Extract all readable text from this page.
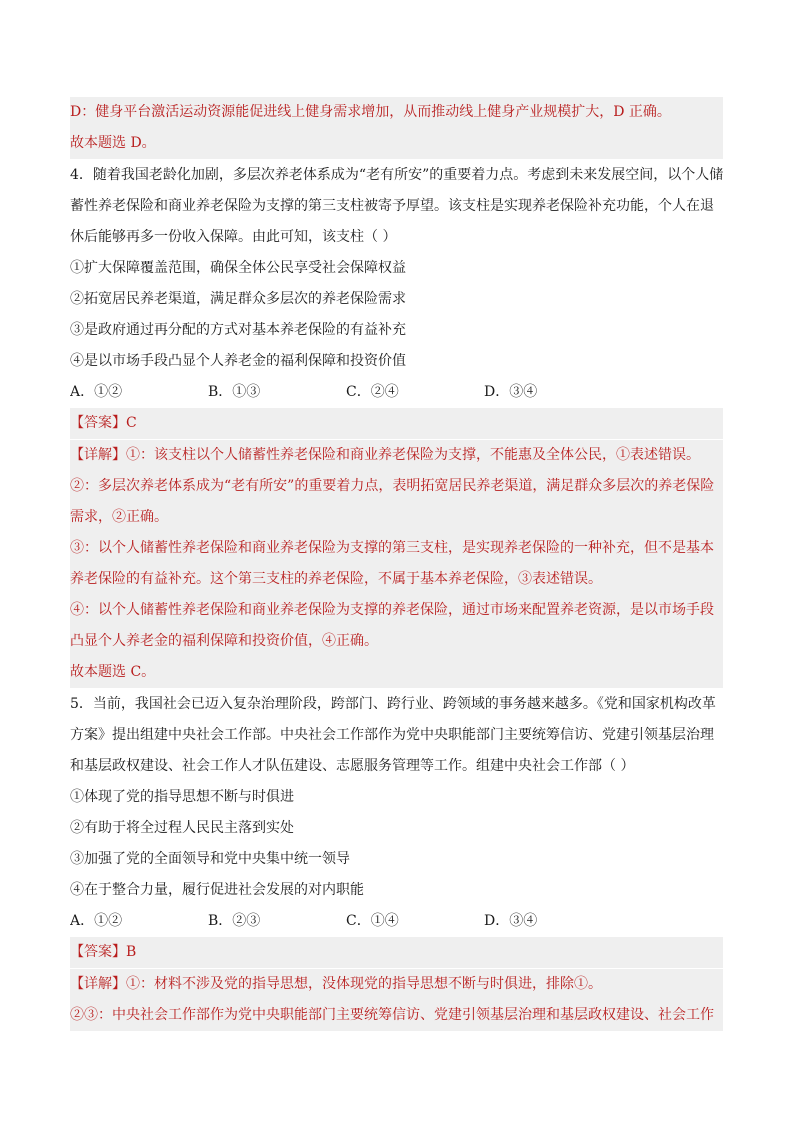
D：健身平台激活运动资源能促进线上健身需求增加，从而推动线上健身产业规模扩大，D 正确。
故本题选 D。
4．随着我国老龄化加剧，多层次养老体系成为“老有所安”的重要着力点。考虑到未来发展空间，以个人储
蓄性养老保险和商业养老保险为支撑的第三支柱被寄予厚望。该支柱是实现养老保险补充功能，个人在退
休后能够再多一份收入保障。由此可知，该支柱（ ）
①扩大保障覆盖范围，确保全体公民享受社会保障权益
②拓宽居民养老渠道，满足群众多层次的养老保险需求
③是政府通过再分配的方式对基本养老保险的有益补充
④是以市场手段凸显个人养老金的福利保障和投资价值
A．①②	B．①③	C．②④	D．③④
【答案】C
【详解】①：该支柱以个人储蓄性养老保险和商业养老保险为支撑，不能惠及全体公民，①表述错误。
②：多层次养老体系成为“老有所安”的重要着力点，表明拓宽居民养老渠道，满足群众多层次的养老保险
需求，②正确。
③：以个人储蓄性养老保险和商业养老保险为支撑的第三支柱，是实现养老保险的一种补充，但不是基本
养老保险的有益补充。这个第三支柱的养老保险，不属于基本养老保险，③表述错误。
④：以个人储蓄性养老保险和商业养老保险为支撑的养老保险，通过市场来配置养老资源，是以市场手段
凸显个人养老金的福利保障和投资价值，④正确。
故本题选 C。
5．当前，我国社会已迈入复杂治理阶段，跨部门、跨行业、跨领域的事务越来越多。《党和国家机构改革
方案》提出组建中央社会工作部。中央社会工作部作为党中央职能部门主要统筹信访、党建引领基层治理
和基层政权建设、社会工作人才队伍建设、志愿服务管理等工作。组建中央社会工作部（ ）
①体现了党的指导思想不断与时俱进
②有助于将全过程人民民主落到实处
③加强了党的全面领导和党中央集中统一领导
④在于整合力量，履行促进社会发展的对内职能
A．①②	B．②③	C．①④	D．③④
【答案】B
【详解】①：材料不涉及党的指导思想，没体现党的指导思想不断与时俱进，排除①。
②③：中央社会工作部作为党中央职能部门主要统筹信访、党建引领基层治理和基层政权建设、社会工作
